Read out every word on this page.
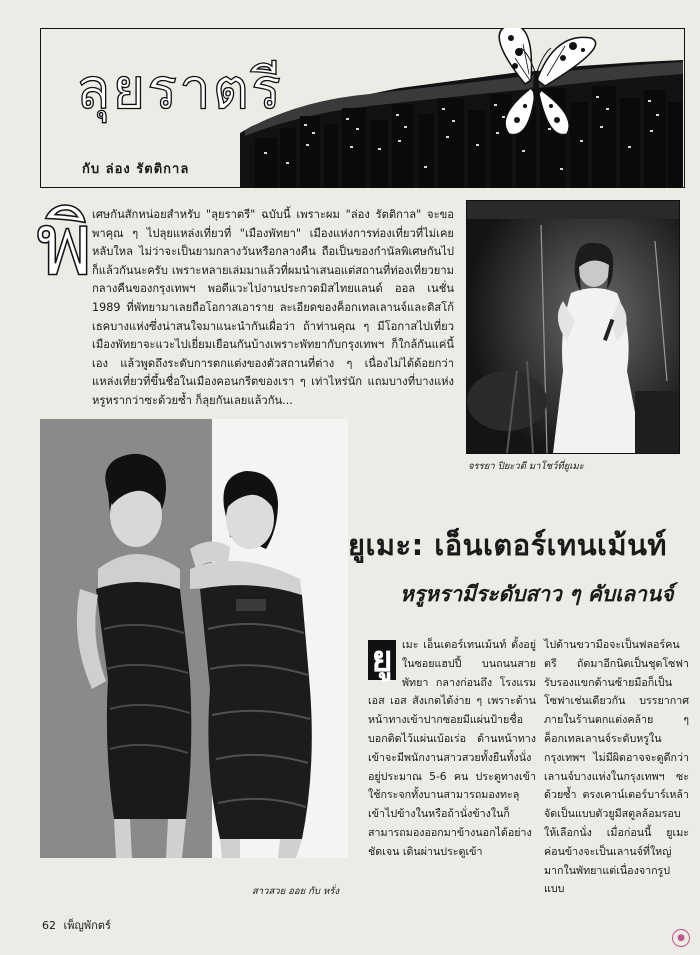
ลุยราตรี
กับ ล่อง รัตติกาล
พิ เศษกันสักหน่อยสำหรับ "ลุยราตรี" ฉบับนี้ เพราะผม "ล่อง รัตติกาล" จะขอพาคุณ ๆ ไปลุยแหล่งเที่ยวที่ "เมืองพัทยา" เมืองแห่งการท่องเที่ยวที่ไม่เคยหลับใหล ไม่ว่าจะเป็นยามกลางวันหรือกลางคืน ถือเป็นของกำนัลพิเศษกันไปก็แล้วกันนะครับ เพราะหลายเล่มมาแล้วที่ผมนำเสนอแต่สถานที่ท่องเที่ยวยามกลางคืนของกรุงเทพฯ พอดีแวะไปงานประกวดมิสไทยแลนด์ ออล เนชั่น 1989 ที่พัทยามาเลยถือโอกาสเอาราย ละเอียดของค็อกเทลเลานจ์และดิสโก้เธคบางแห่งซึ่งน่าสนใจมาแนะนำกันเผื่อว่า ถ้าท่านคุณ ๆ มีโอกาสไปเที่ยวเมืองพัทยาจะแวะไปเยี่ยมเยือนกันบ้างเพราะพัทยากับกรุงเทพฯ ก็ใกล้กันแค่นี้เอง แล้วพูดถึงระดับการตกแต่งของตัวสถานที่ต่าง ๆ เนื่องไม่ได้ด้อยกว่าแหล่งเที่ยวที่ขึ้นชื่อในเมืองคอนกรีตของเรา ๆ เท่าไหร่นัก แถมบางที่บางแห่งหรูหรากว่าซะด้วยซ้ำ ก็ลุยกันเลยแล้วกัน...

จรรยา ปิยะวดี มาโชว์ที่ยูเมะ
สาวสวย ออย กับ หรั่ง
ยูเมะ: เอ็นเตอร์เทนเม้นท์
หรูหรามีระดับสาว ๆ คับเลานจ์
ยู เมะ เอ็นเตอร์เทนเม้นท์ ตั้งอยู่ในซอยแฮปปี้ บนถนนสายพัทยา กลางก่อนถึง โรงแรมเอส เอส สังเกตได้ง่าย ๆ เพราะด้านหน้าทางเข้าปากซอยมีแผ่นป้ายชื่อบอกติดไว้แผ่นเบ้อเร่อ ด้านหน้าทางเข้าจะมีพนักงานสาวสวยทั้งยืนทั้งนั่งอยู่ประมาณ 5-6 คน ประตูทางเข้าใช้กระจกทั้งบานสามารถมองทะลุเข้าไปข้างในหรือถ้านั่งข้างในก็สามารถมองออกมาข้างนอกได้อย่างชัดเจน เดินผ่านประตูเข้า

ไปด้านขวามือจะเป็นฟลอร์คนตรี ถัดมาอีกนิดเป็นชุดโซฟารับรองแขกด้านซ้ายมือก็เป็นโซฟาเช่นเดียวกัน บรรยากาศภายในร้านตกแต่งคล้าย ๆ ค็อกเทลเลานจ์ระดับหรูในกรุงเทพฯ ไม่มีผิดอาจจะดูดีกว่าเลานจ์บางแห่งในกรุงเทพฯ ซะด้วยซ้ำ ตรงเคาน์เตอร์บาร์เหล้าจัดเป็นแบบตัวยูมีสตูลล้อมรอบให้เลือกนั่ง เมื่อก่อนนี้ ยูเมะ ค่อนข้างจะเป็นเลานจ์ที่ใหญ่มากในพัทยาแต่เนื่องจากรูปแบบ

62 เพ็ญพักตร์
●
